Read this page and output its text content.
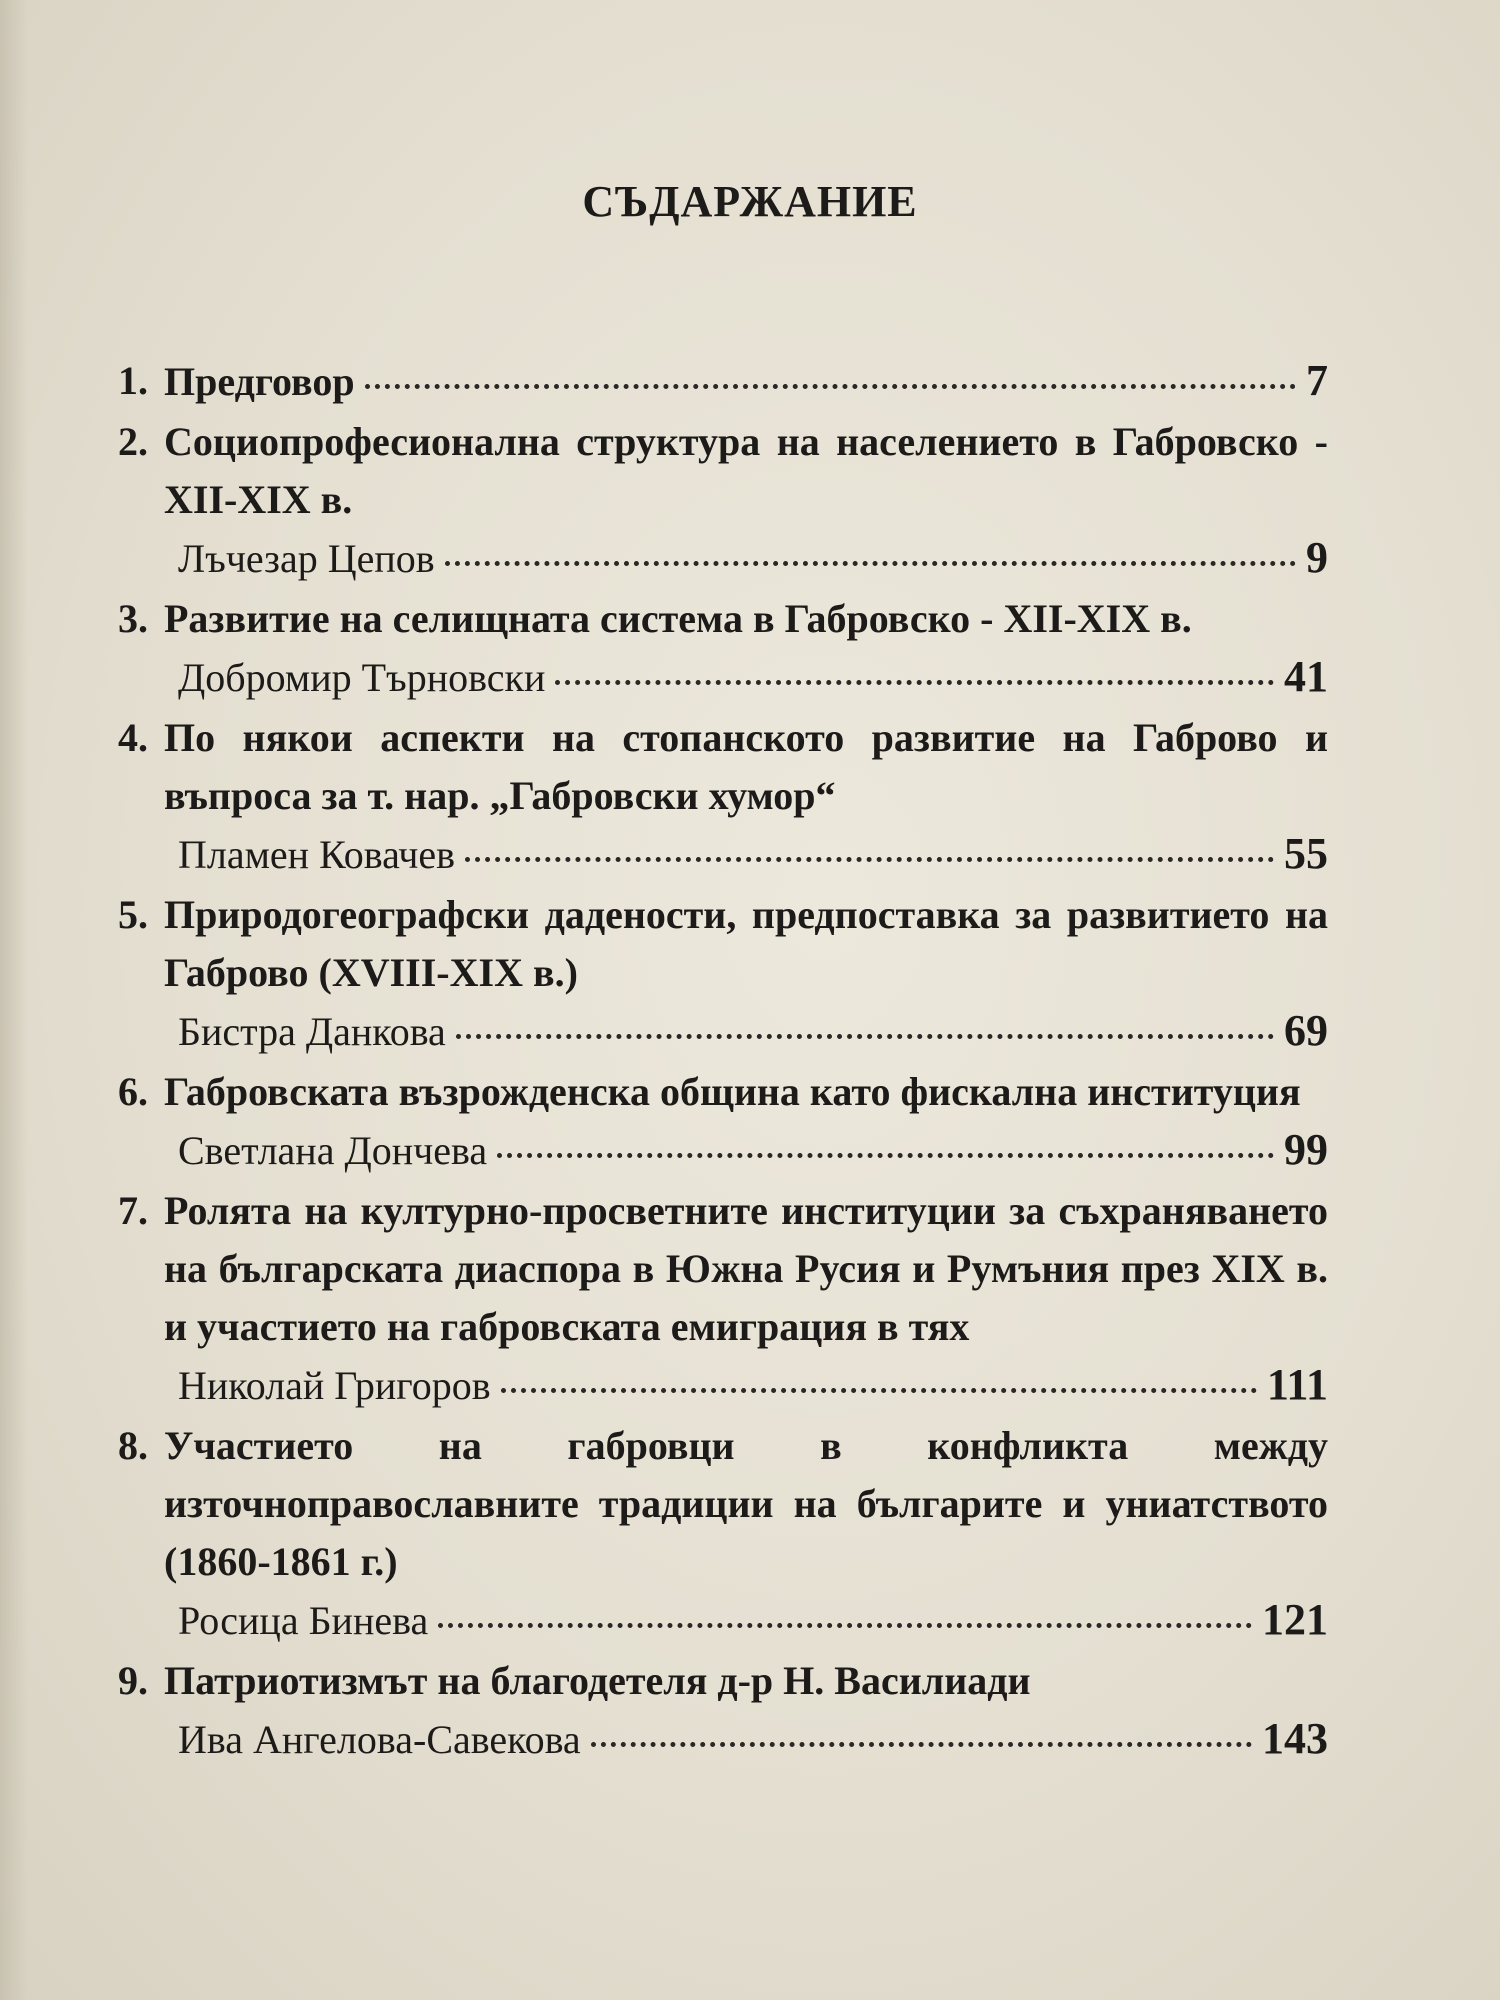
СЪДАРЖАНИЕ
1. Предговор	7
2. Социопрофесионална структура на населението в Габровско - XII-XIX в.
Лъчезар Цепов	9
3. Развитие на селищната система в Габровско - XII-XIX в.
Добромир Търновски	41
4. По някои аспекти на стопанското развитие на Габрово и въпроса за т. нар. „Габровски хумор“
Пламен Ковачев	55
5. Природогеографски дадености, предпоставка за развитието на Габрово (XVIII-XIX в.)
Бистра Данкова	69
6. Габровската възрожденска община като фискална институция
Светлана Дончева	99
7. Ролята на културно-просветните институции за съхраняването на българската диаспора в Южна Русия и Румъния през XIX в. и участието на габровската емиграция в тях
Николай Григоров	111
8. Участието на габровци в конфликта между източноправославните традиции на българите и униатството (1860-1861 г.)
Росица Бинева	121
9. Патриотизмът на благодетеля д-р Н. Василиади
Ива Ангелова-Савекова	143
